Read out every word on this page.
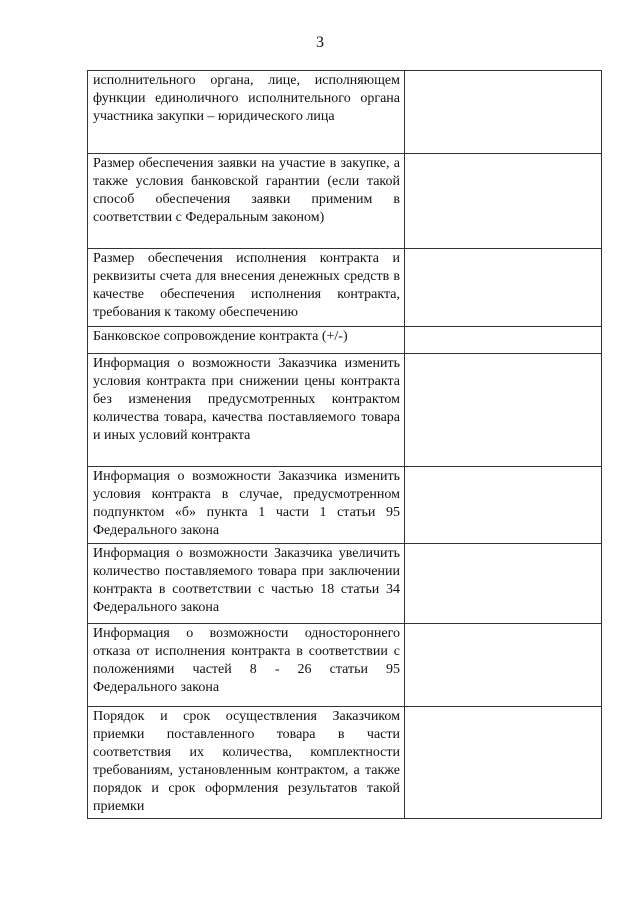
3
исполнительного органа, лице, исполняющем функции единоличного исполнительного органа участника закупки – юридического лица	
Размер обеспечения заявки на участие в закупке, а также условия банковской гарантии (если такой способ обеспечения заявки применим в соответствии с Федеральным законом)	
Размер обеспечения исполнения контракта и реквизиты счета для внесения денежных средств в качестве обеспечения исполнения контракта, требования к такому обеспечению	
Банковское сопровождение контракта (+/-)	
Информация о возможности Заказчика изменить условия контракта при снижении цены контракта без изменения предусмотренных контрактом количества товара, качества поставляемого товара и иных условий контракта	
Информация о возможности Заказчика изменить условия контракта в случае, предусмотренном подпунктом «б» пункта 1 части 1 статьи 95 Федерального закона	
Информация о возможности Заказчика увеличить количество поставляемого товара при заключении контракта в соответствии с частью 18 статьи 34 Федерального закона	
Информация о возможности одностороннего отказа от исполнения контракта в соответствии с положениями частей 8 - 26 статьи 95 Федерального закона	
Порядок и срок осуществления Заказчиком приемки поставленного товара в части соответствия их количества, комплектности требованиям, установленным контрактом, а также порядок и срок оформления результатов такой приемки	
